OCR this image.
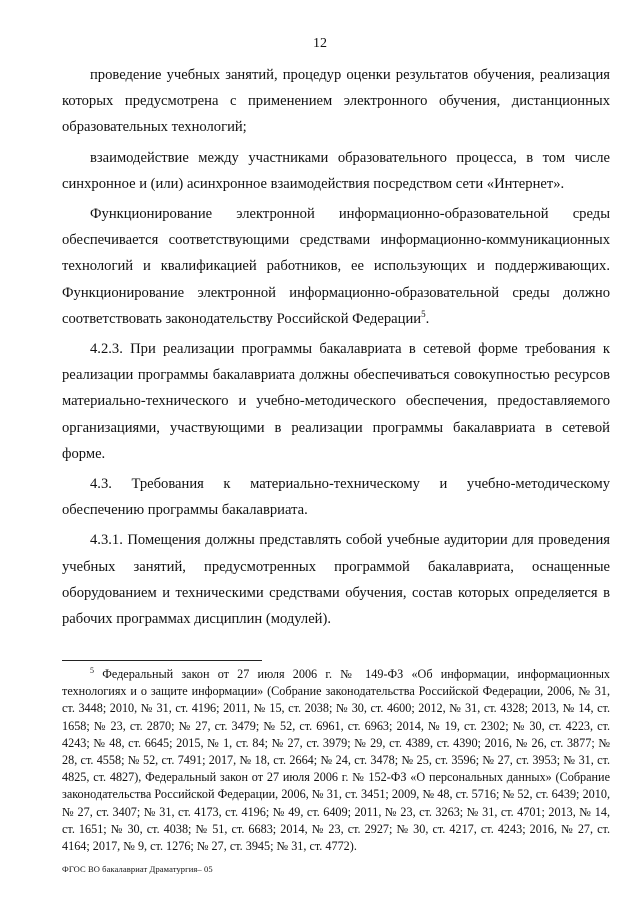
12

проведение учебных занятий, процедур оценки результатов обучения, реализация которых предусмотрена с применением электронного обучения, дистанционных образовательных технологий;

взаимодействие между участниками образовательного процесса, в том числе синхронное и (или) асинхронное взаимодействия посредством сети «Интернет».

Функционирование электронной информационно-образовательной среды обеспечивается соответствующими средствами информационно-коммуникационных технологий и квалификацией работников, ее использующих и поддерживающих. Функционирование электронной информационно-образовательной среды должно соответствовать законодательству Российской Федерации$^5$.

4.2.3. При реализации программы бакалавриата в сетевой форме требования к реализации программы бакалавриата должны обеспечиваться совокупностью ресурсов материально-технического и учебно-методического обеспечения, предоставляемого организациями, участвующими в реализации программы бакалавриата в сетевой форме.

4.3. Требования к материально-техническому и учебно-методическому обеспечению программы бакалавриата.

4.3.1. Помещения должны представлять собой учебные аудитории для проведения учебных занятий, предусмотренных программой бакалавриата, оснащенные оборудованием и техническими средствами обучения, состав которых определяется в рабочих программах дисциплин (модулей).

$^5$ Федеральный закон от 27 июля 2006 г. № 149-ФЗ «Об информации, информационных технологиях и о защите информации» (Собрание законодательства Российской Федерации, 2006, № 31, ст. 3448; 2010, № 31, ст. 4196; 2011, № 15, ст. 2038; № 30, ст. 4600; 2012, № 31, ст. 4328; 2013, № 14, ст. 1658; № 23, ст. 2870; № 27, ст. 3479; № 52, ст. 6961, ст. 6963; 2014, № 19, ст. 2302; № 30, ст. 4223, ст. 4243; № 48, ст. 6645; 2015, № 1, ст. 84; № 27, ст. 3979; № 29, ст. 4389, ст. 4390; 2016, № 26, ст. 3877; № 28, ст. 4558; № 52, ст. 7491; 2017, № 18, ст. 2664; № 24, ст. 3478; № 25, ст. 3596; № 27, ст. 3953; № 31, ст. 4825, ст. 4827), Федеральный закон от 27 июля 2006 г. № 152-ФЗ «О персональных данных» (Собрание законодательства Российской Федерации, 2006, № 31, ст. 3451; 2009, № 48, ст. 5716; № 52, ст. 6439; 2010, № 27, ст. 3407; № 31, ст. 4173, ст. 4196; № 49, ст. 6409; 2011, № 23, ст. 3263; № 31, ст. 4701; 2013, № 14, ст. 1651; № 30, ст. 4038; № 51, ст. 6683; 2014, № 23, ст. 2927; № 30, ст. 4217, ст. 4243; 2016, № 27, ст. 4164; 2017, № 9, ст. 1276; № 27, ст. 3945; № 31, ст. 4772).

ФГОС ВО бакалавриат Драматургия– 05
